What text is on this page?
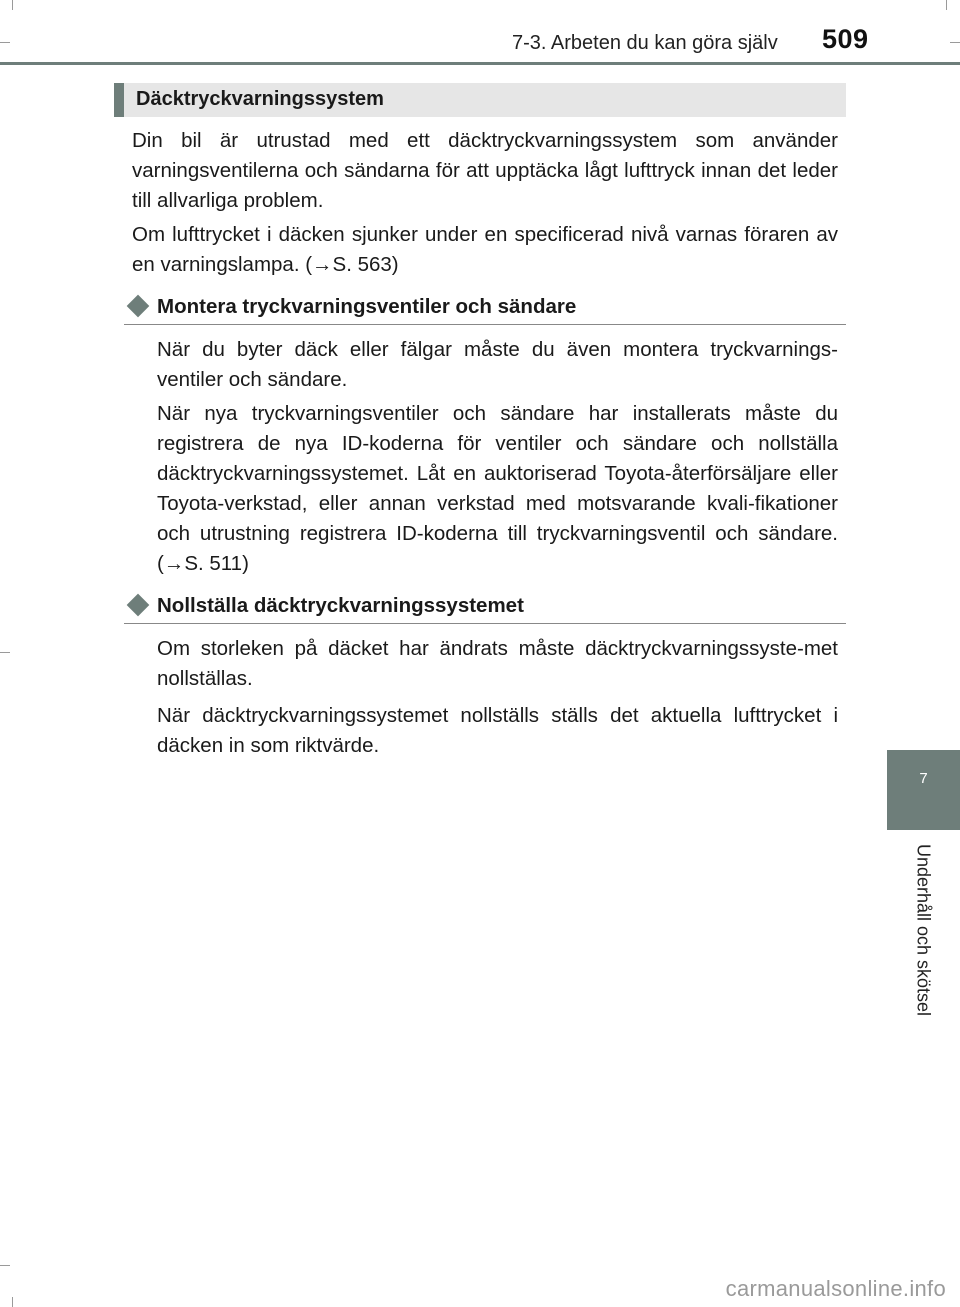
7-3. Arbeten du kan göra själv 509
Däcktryckvarningssystem

Din bil är utrustad med ett däcktryckvarningssystem som använder varningsventilerna och sändarna för att upptäcka lågt lufttryck innan det leder till allvarliga problem.

Om lufttrycket i däcken sjunker under en specificerad nivå varnas föraren av en varningslampa. (→S. 563)

Montera tryckvarningsventiler och sändare

När du byter däck eller fälgar måste du även montera tryckvarnings-ventiler och sändare.

När nya tryckvarningsventiler och sändare har installerats måste du registrera de nya ID-koderna för ventiler och sändare och nollställa däcktryckvarningssystemet. Låt en auktoriserad Toyota-återförsäljare eller Toyota-verkstad, eller annan verkstad med motsvarande kvali-fikationer och utrustning registrera ID-koderna till tryckvarningsventil och sändare. (→S. 511)

Nollställa däcktryckvarningssystemet

Om storleken på däcket har ändrats måste däcktryckvarningssyste-met nollställas.

När däcktryckvarningssystemet nollställs ställs det aktuella lufttrycket i däcken in som riktvärde.

7
Underhåll och skötsel
carmanualsonline.info
